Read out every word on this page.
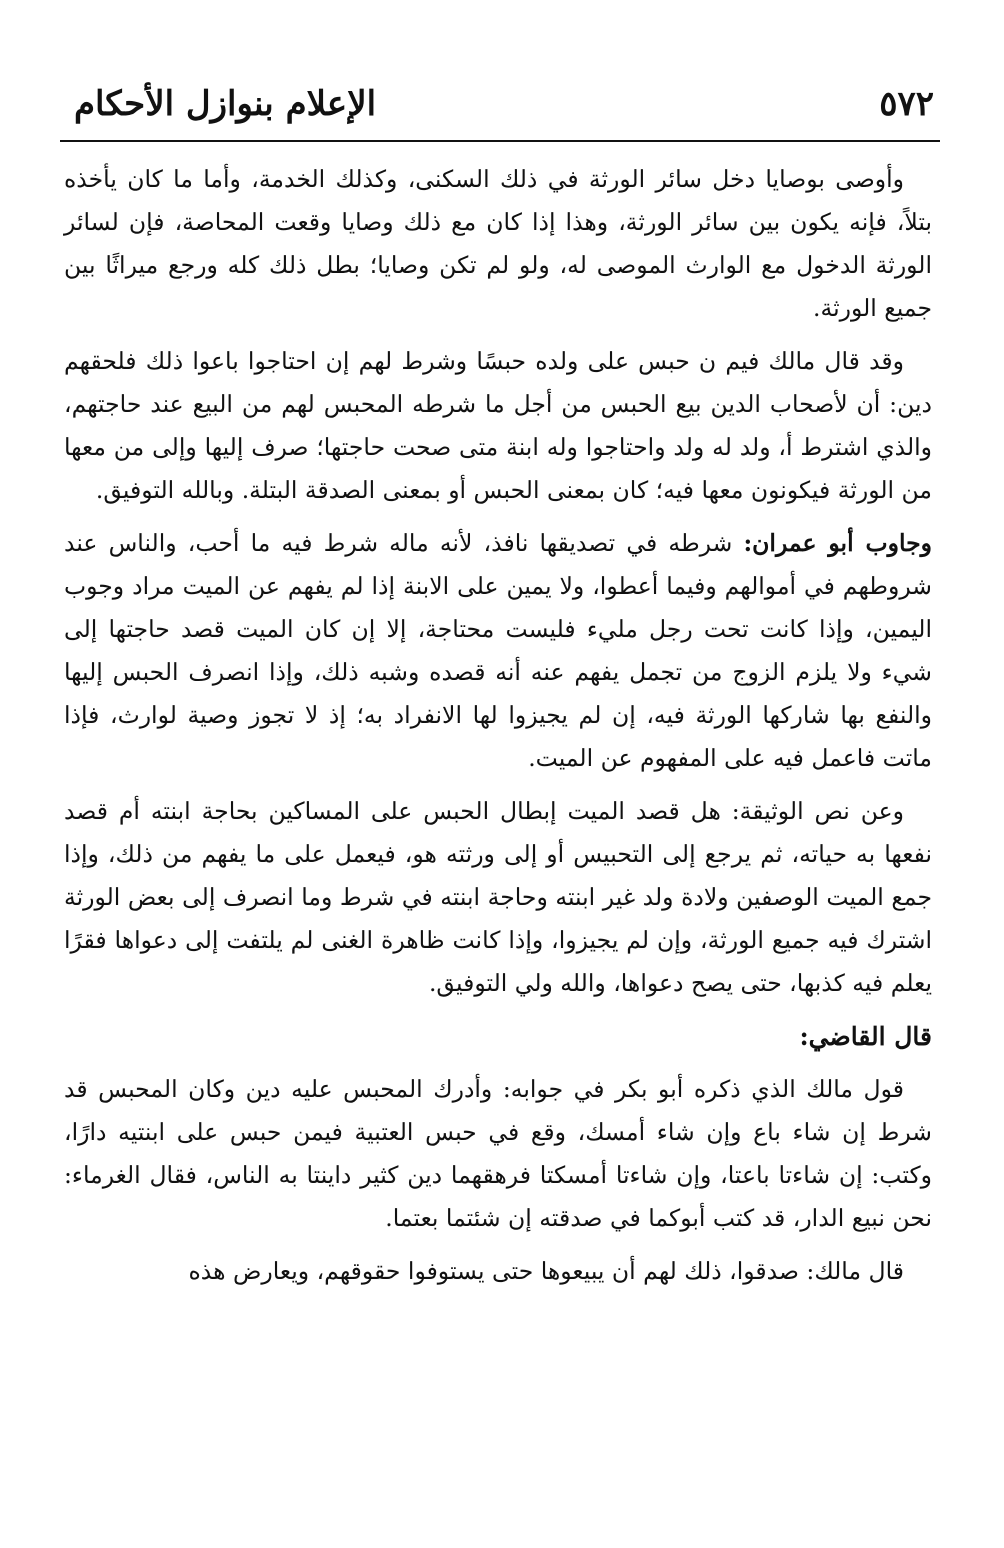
٥٧٢
الإعلام بنوازل الأحكام

وأوصى بوصايا دخل سائر الورثة في ذلك السكنى، وكذلك الخدمة، وأما ما كان يأخذه بتلاً، فإنه يكون بين سائر الورثة، وهذا إذا كان مع ذلك وصايا وقعت المحاصة، فإن لسائر الورثة الدخول مع الوارث الموصى له، ولو لم تكن وصايا؛ بطل ذلك كله ورجع ميراثًا بين جميع الورثة.

وقد قال مالك فيم ن حبس على ولده حبسًا وشرط لهم إن احتاجوا باعوا ذلك فلحقهم دين: أن لأصحاب الدين بيع الحبس من أجل ما شرطه المحبس لهم من البيع عند حاجتهم، والذي اشترط أ، ولد له ولد واحتاجوا وله ابنة متى صحت حاجتها؛ صرف إليها وإلى من معها من الورثة فيكونون معها فيه؛ كان بمعنى الحبس أو بمعنى الصدقة البتلة. وبالله التوفيق.

وجاوب أبو عمران: شرطه في تصديقها نافذ، لأنه ماله شرط فيه ما أحب، والناس عند شروطهم في أموالهم وفيما أعطوا، ولا يمين على الابنة إذا لم يفهم عن الميت مراد وجوب اليمين، وإذا كانت تحت رجل مليء فليست محتاجة، إلا إن كان الميت قصد حاجتها إلى شيء ولا يلزم الزوج من تجمل يفهم عنه أنه قصده وشبه ذلك، وإذا انصرف الحبس إليها والنفع بها شاركها الورثة فيه، إن لم يجيزوا لها الانفراد به؛ إذ لا تجوز وصية لوارث، فإذا ماتت فاعمل فيه على المفهوم عن الميت.

وعن نص الوثيقة: هل قصد الميت إبطال الحبس على المساكين بحاجة ابنته أم قصد نفعها به حياته، ثم يرجع إلى التحبيس أو إلى ورثته هو، فيعمل على ما يفهم من ذلك، وإذا جمع الميت الوصفين ولادة ولد غير ابنته وحاجة ابنته في شرط وما انصرف إلى بعض الورثة اشترك فيه جميع الورثة، وإن لم يجيزوا، وإذا كانت ظاهرة الغنى لم يلتفت إلى دعواها فقرًا يعلم فيه كذبها، حتى يصح دعواها، والله ولي التوفيق.

قال القاضي:

قول مالك الذي ذكره أبو بكر في جوابه: وأدرك المحبس عليه دين وكان المحبس قد شرط إن شاء باع وإن شاء أمسك، وقع في حبس العتبية فيمن حبس على ابنتيه دارًا، وكتب: إن شاءتا باعتا، وإن شاءتا أمسكتا فرهقهما دين كثير داينتا به الناس، فقال الغرماء: نحن نبيع الدار، قد كتب أبوكما في صدقته إن شئتما بعتما.

قال مالك: صدقوا، ذلك لهم أن يبيعوها حتى يستوفوا حقوقهم، ويعارض هذه
